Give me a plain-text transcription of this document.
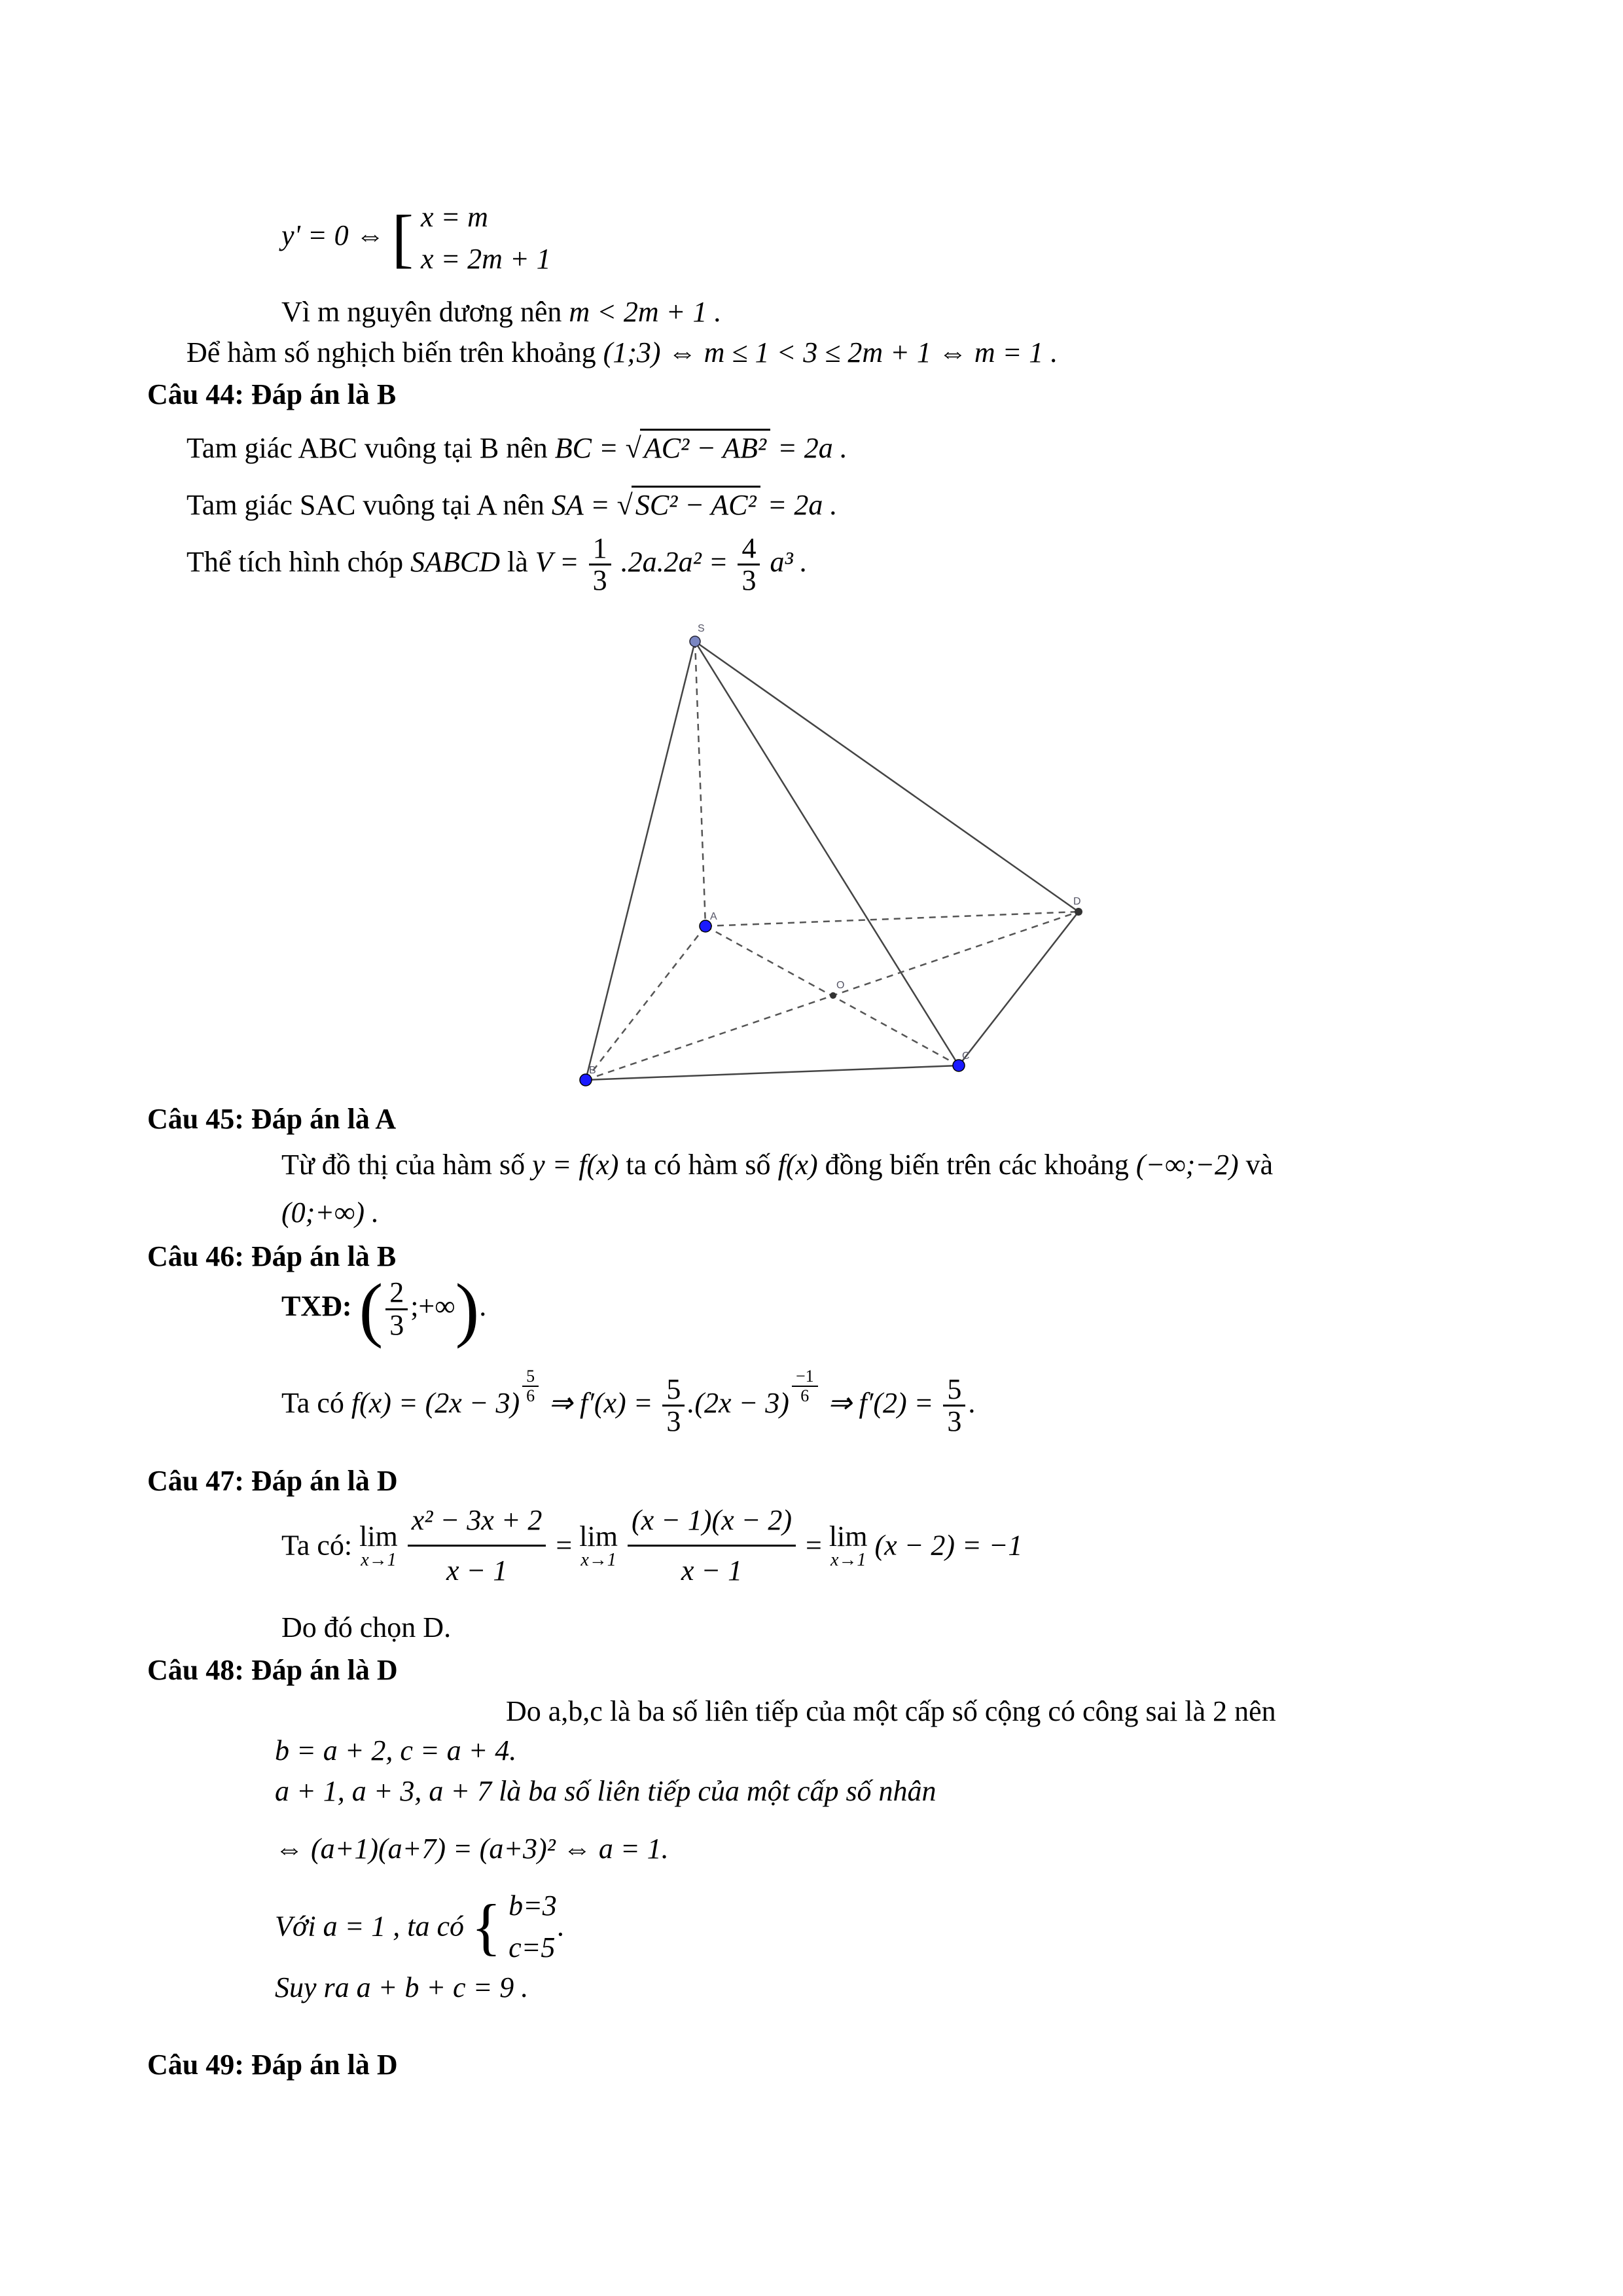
y' = 0 ⇔ [ x = m
x = 2m + 1
Vì m nguyên dương nên m < 2m + 1 .
Để hàm số nghịch biến trên khoảng (1;3) ⇔ m ≤ 1 < 3 ≤ 2m + 1 ⇔ m = 1 .
Câu 44: Đáp án là B
Tam giác ABC vuông tại B nên BC = √AC² − AB² = 2a .
Tam giác SAC vuông tại A nên SA = √SC² − AC² = 2a .
Thể tích hình chóp SABCD là $V = \frac{1}{3} .2a.2a^2 = \frac{4}{3} a^3$ .
S
A
B
C
D
O
Câu 45: Đáp án là A
Từ đồ thị của hàm số y = f(x) ta có hàm số f(x) đồng biến trên các khoảng (−∞;−2) và
(0;+∞) .
Câu 46: Đáp án là B
TXĐ: ( $\frac{2}{3}$ ;+∞).
Ta có $f(x) = (2x - 3) \frac{5}{6}$ ⇒ $f'(x) = \frac{5}{3} .(2x - 3) \frac{-1}{6}$ ⇒ $f'(2) = \frac{5}{3}$ .
Câu 47: Đáp án là D
Ta có: lim
x→1
$\frac{\text{x² − 3x + 2}}{x - 1} = \lim$
x→1
$\frac{(x - 1)(x - 2)}{x - 1} = \lim$
x→1 (x − 2) = −1
Do đó chọn D.
Câu 48: Đáp án là D
Do a,b,c là ba số liên tiếp của một cấp số cộng có công sai là 2 nên
b = a + 2, c = a + 4.
a + 1, a + 3, a + 7 là ba số liên tiếp của một cấp số nhân
⇔ (a+1)(a+7) = (a+3)² ⇔ a = 1.
Với a = 1 , ta có { b=3
c=5
.
Suy ra a + b + c = 9 .
Câu 49: Đáp án là D
